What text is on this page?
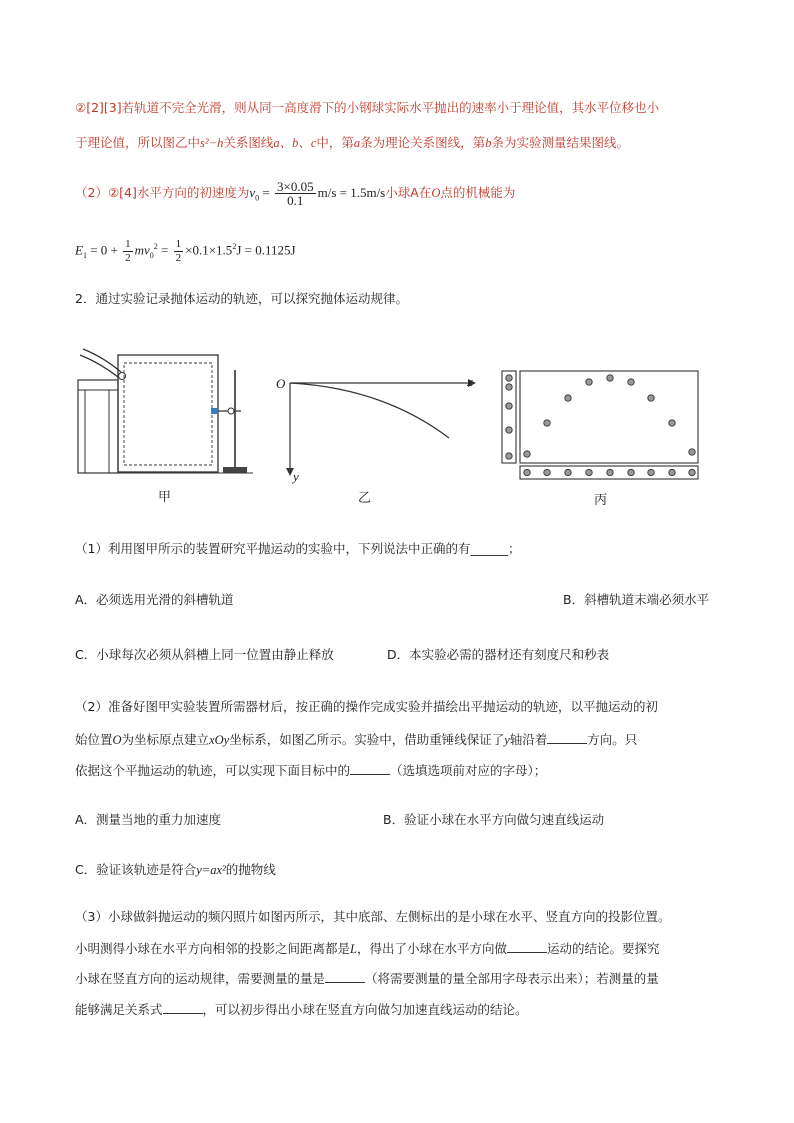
②[2][3]若轨道不完全光滑，则从同一高度滑下的小钢球实际水平抛出的速率小于理论值，其水平位移也小
于理论值，所以图乙中s²−h关系图线a、b、c中，第a条为理论关系图线，第b条为实验测量结果图线。
（2）②[4]水平方向的初速度为$v_0 = \frac{3\times 0.05}{0.1} m/s = 1.5m/s$小球A在O点的机械能为
$E_1 = 0 + \frac{1}{2} mv_0^2 = \frac{1}{2} \times 0.1\times 1.5^2J = 0.1125J$
2．通过实验记录抛体运动的轨迹，可以探究抛体运动规律。
甲
O	x
y
乙	丙
（1）利用图甲所示的装置研究平抛运动的实验中，下列说法中正确的有______；
A．必须选用光滑的斜槽轨道	B．斜槽轨道末端必须水平
C．小球每次必须从斜槽上同一位置由静止释放	D．本实验必需的器材还有刻度尺和秒表
（2）准备好图甲实验装置所需器材后，按正确的操作完成实验并描绘出平抛运动的轨迹，以平抛运动的初
始位置O为坐标原点建立xOy坐标系，如图乙所示。实验中，借助重锤线保证了y轴沿着	方向。只
依据这个平抛运动的轨迹，可以实现下面目标中的	（选填选项前对应的字母）；
A．测量当地的重力加速度	B．验证小球在水平方向做匀速直线运动
C．验证该轨迹是符合y=ax²的抛物线
（3）小球做斜抛运动的频闪照片如图丙所示，其中底部、左侧标出的是小球在水平、竖直方向的投影位置。
小明测得小球在水平方向相邻的投影之间距离都是L，得出了小球在水平方向做	运动的结论。要探究
小球在竖直方向的运动规律，需要测量的量是	（将需要测量的量全部用字母表示出来）；若测量的量
能够满足关系式	，可以初步得出小球在竖直方向做匀加速直线运动的结论。
